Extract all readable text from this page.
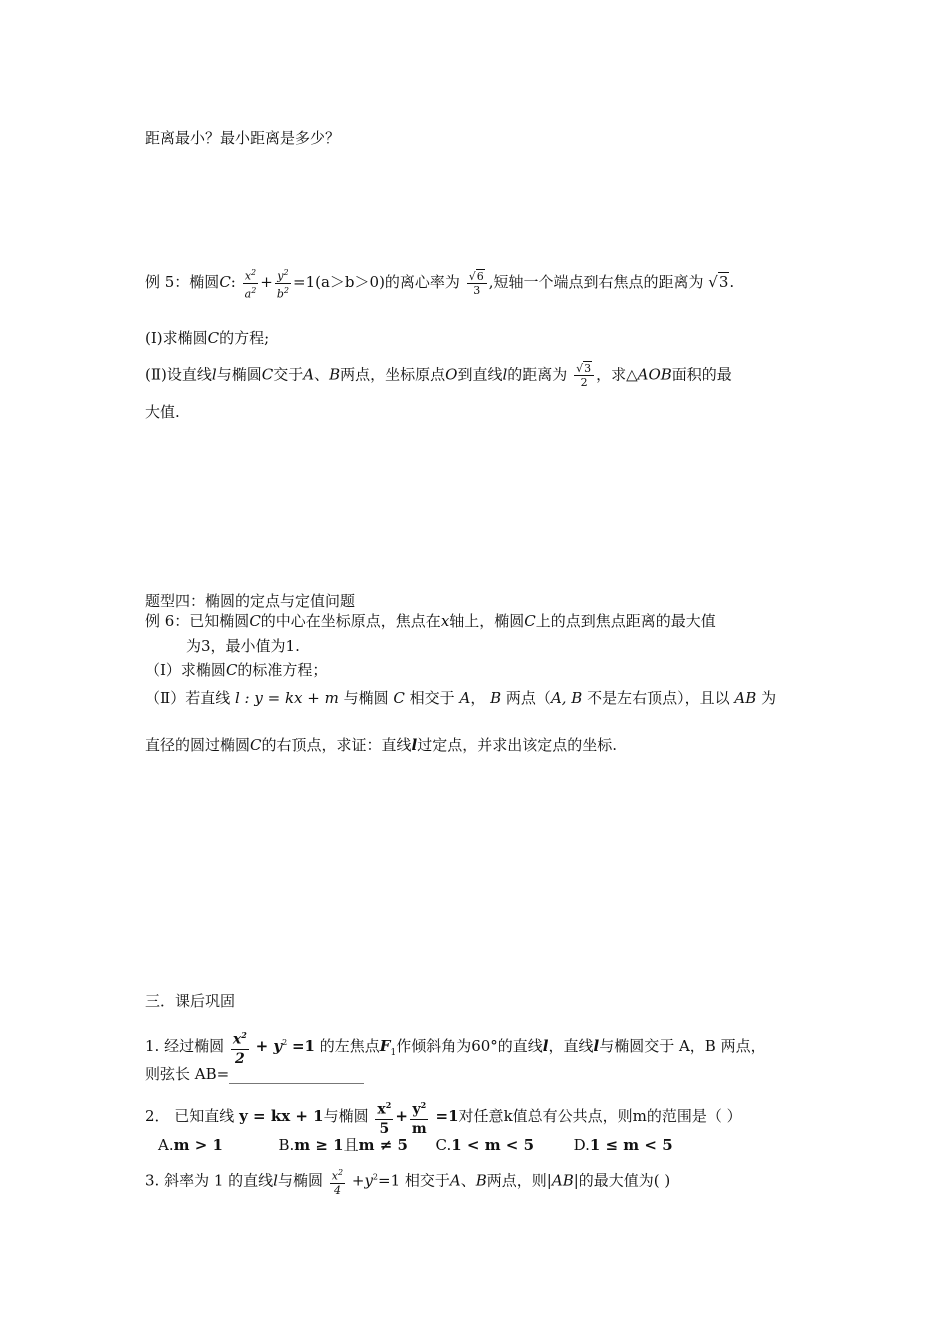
距离最小？最小距离是多少？
例 5：椭圆C: $\frac{x^2}{a^2} + \frac{y^2}{b^2} =1(a>b>0)$的离心率为 $\frac{√6}{3}$ ,短轴一个端点到右焦点的距离为 √3.
(Ⅰ)求椭圆C的方程;
(Ⅱ)设直线l与椭圆C交于A、B两点，坐标原点O到直线l的距离为 $\frac{√3}{2}$ ，求△AOB面积的最
大值.
题型四：椭圆的定点与定值问题
例 6：已知椭圆C的中心在坐标原点，焦点在x轴上，椭圆C上的点到焦点距离的最大值
为3，最小值为1.
（Ⅰ）求椭圆C的标准方程；
（Ⅱ）若直线 l : y = kx + m 与椭圆 C 相交于 A， B 两点（A, B 不是左右顶点），且以 AB 为
直径的圆过椭圆C的右顶点，求证：直线l过定点，并求出该定点的坐标.
三．课后巩固
1. 经过椭圆 $\frac{x^2}{2} + y^2 =1$ 的左焦点$F_1$作倾斜角为60°的直线l，直线l与椭圆交于 A，B 两点，
则弦长 AB=
2． 已知直线 y = kx + 1与椭圆 $\frac{x^2}{5} + \frac{y^2}{m} =1$对任意k值总有公共点，则m的范围是（ ）
A.m > 1	B.m ≥ 1且m ≠ 5 C.1 < m < 5	D.1 ≤ m < 5
3. 斜率为 1 的直线l与椭圆 $\frac{x^2}{4} +y^2=1$ 相交于A、B两点，则|AB|的最大值为( )
